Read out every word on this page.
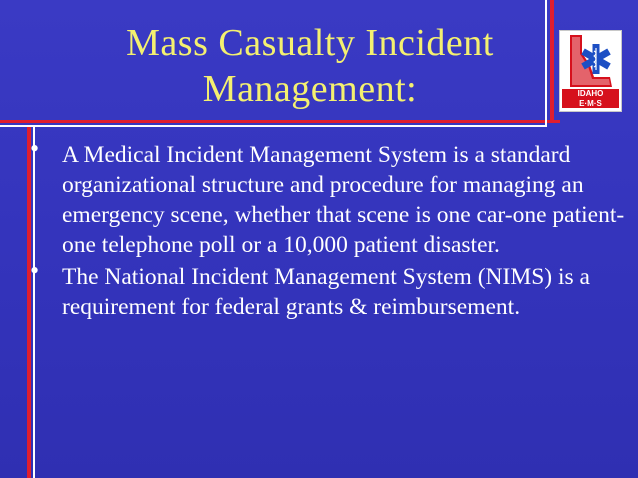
Mass Casualty Incident
Management:	IDAHO
E·M·S
• A Medical Incident Management System is a standard organizational structure and procedure for managing an emergency scene, whether that scene is one car-one patient-one telephone poll or a 10,000 patient disaster.
• The National Incident Management System (NIMS) is a requirement for federal grants & reimbursement.
